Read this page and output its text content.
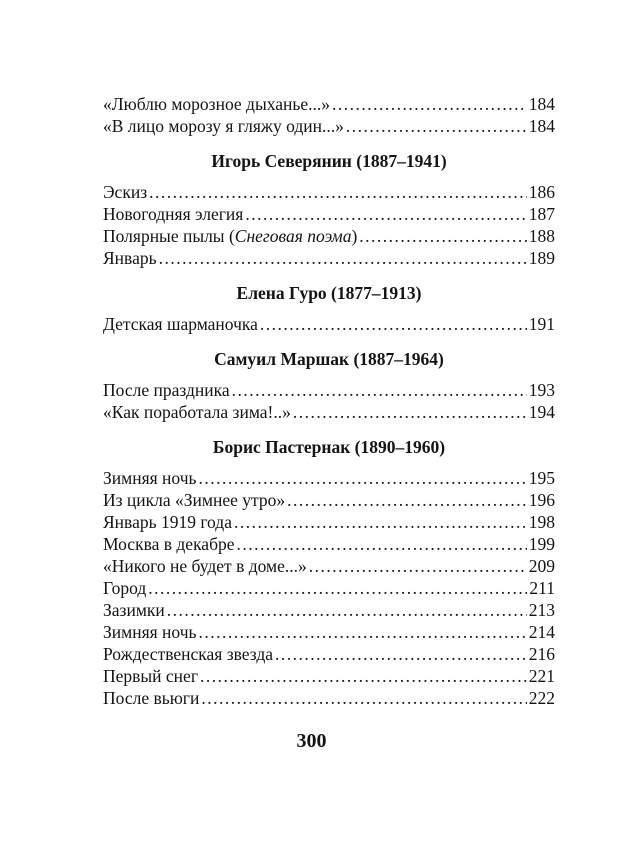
«Люблю морозное дыханье...» .....	184
«В лицо морозу я гляжу один...» .....	184
Игорь Северянин (1887–1941)
Эскиз .....	186
Новогодняя элегия .....	187
Полярные пылы (Снеговая поэма) .....	188
Январь .....	189
Елена Гуро (1877–1913)
Детская шарманочка .....	191
Самуил Маршак (1887–1964)
После праздника .....	193
«Как поработала зима!..» .....	194
Борис Пастернак (1890–1960)
Зимняя ночь .....	195
Из цикла «Зимнее утро» .....	196
Январь 1919 года .....	198
Москва в декабре .....	199
«Никого не будет в доме...» .....	209
Город .....	211
Зазимки .....	213
Зимняя ночь .....	214
Рождественская звезда .....	216
Первый снег .....	221
После вьюги .....	222
300
